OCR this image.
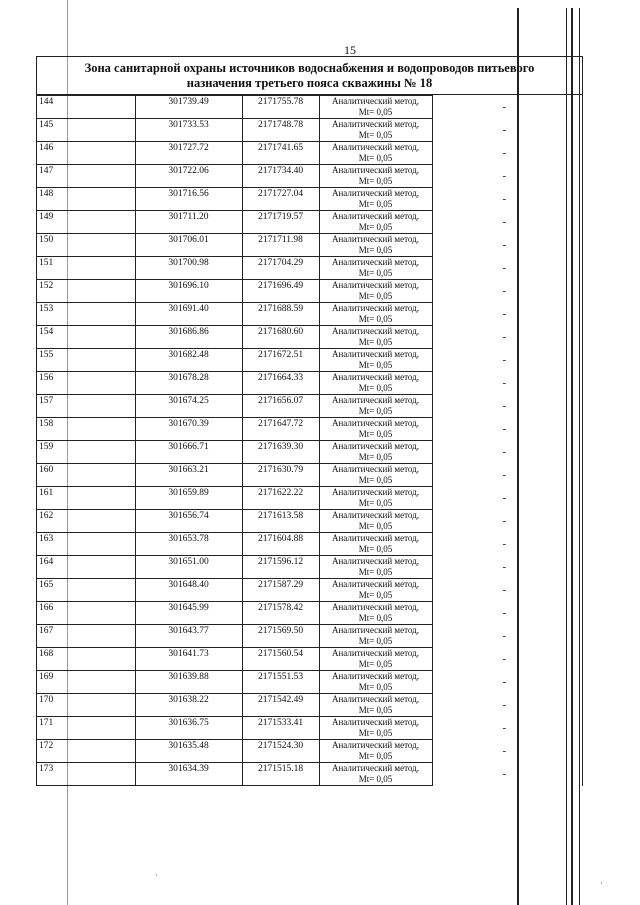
15
Зона санитарной охраны источников водоснабжения и водопроводов питьевого
назначения третьего пояса скважины № 18
144	301739.49	2171755.78	Аналитический метод,
Mt= 0,05	-

145	301733.53	2171748.78	Аналитический метод,
Mt= 0,05	-

146	301727.72	2171741.65	Аналитический метод,
Mt= 0,05	-

147	301722.06	2171734.40	Аналитический метод,
Mt= 0,05	-

148	301716.56	2171727.04	Аналитический метод,
Mt= 0,05	-

149	301711.20	2171719.57	Аналитический метод,
Mt= 0,05	-

150	301706.01	2171711.98	Аналитический метод,
Mt= 0,05	-

151	301700.98	2171704.29	Аналитический метод,
Mt= 0,05	-

152	301696.10	2171696.49	Аналитический метод,
Mt= 0,05	-

153	301691.40	2171688.59	Аналитический метод,
Mt= 0,05	-

154	301686.86	2171680.60	Аналитический метод,
Mt= 0,05	-

155	301682.48	2171672.51	Аналитический метод,
Mt= 0,05	-

156	301678.28	2171664.33	Аналитический метод,
Mt= 0,05	-

157	301674.25	2171656.07	Аналитический метод,
Mt= 0,05	-

158	301670.39	2171647.72	Аналитический метод,
Mt= 0,05	-

159	301666.71	2171639.30	Аналитический метод,
Mt= 0,05	-

160	301663.21	2171630.79	Аналитический метод,
Mt= 0,05	-

161	301659.89	2171622.22	Аналитический метод,
Mt= 0,05	-

162	301656.74	2171613.58	Аналитический метод,
Mt= 0,05	-

163	301653.78	2171604.88	Аналитический метод,
Mt= 0,05	-

164	301651.00	2171596.12	Аналитический метод,
Mt= 0,05	-

165	301648.40	2171587.29	Аналитический метод,
Mt= 0,05	-

166	301645.99	2171578.42	Аналитический метод,
Mt= 0,05	-

167	301643.77	2171569.50	Аналитический метод,
Mt= 0,05	-

168	301641.73	2171560.54	Аналитический метод,
Mt= 0,05	-

169	301639.88	2171551.53	Аналитический метод,
Mt= 0,05	-

170	301638.22	2171542.49	Аналитический метод,
Mt= 0,05	-

171	301636.75	2171533.41	Аналитический метод,
Mt= 0,05	-

172	301635.48	2171524.30	Аналитический метод,
Mt= 0,05	-

173	301634.39	2171515.18	Аналитический метод,
Mt= 0,05	-
·
·
